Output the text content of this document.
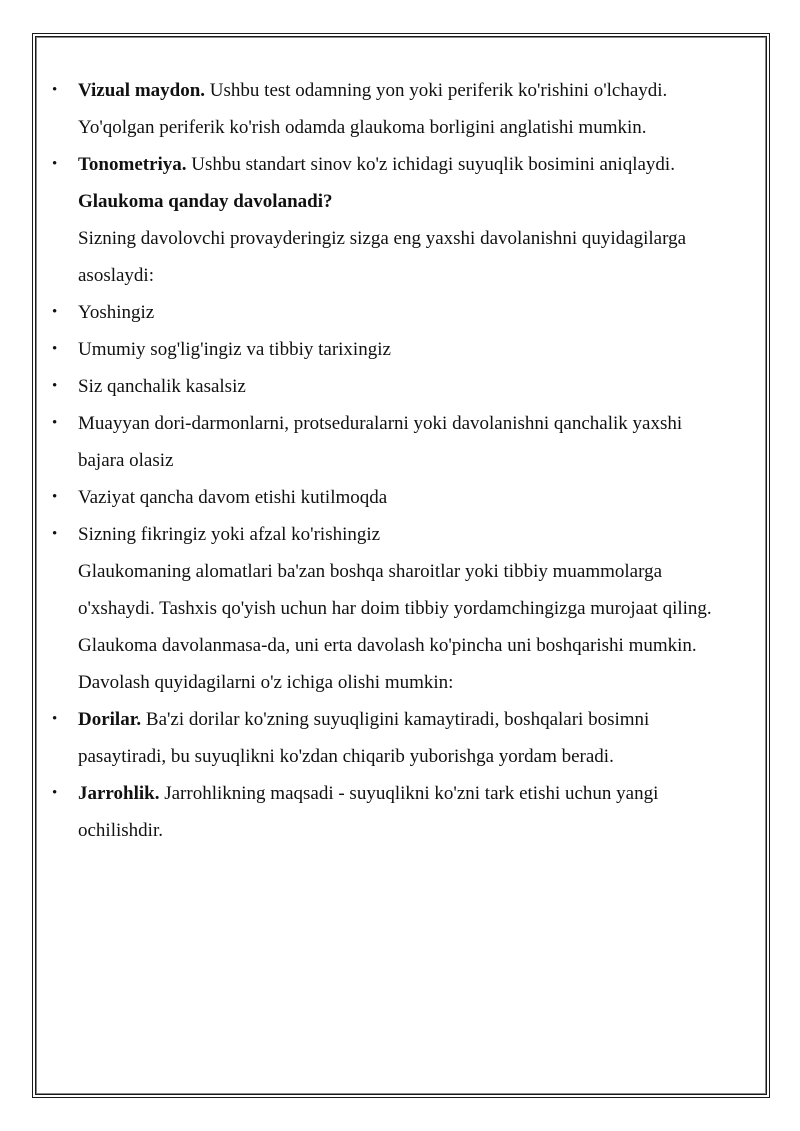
•	Vizual maydon. Ushbu test odamning yon yoki periferik ko'rishini o'lchaydi. Yo'qolgan periferik ko'rish odamda glaukoma borligini anglatishi mumkin.
•	Tonometriya. Ushbu standart sinov ko'z ichidagi suyuqlik bosimini aniqlaydi.
Glaukoma qanday davolanadi?
Sizning davolovchi provayderingiz sizga eng yaxshi davolanishni quyidagilarga asoslaydi:
•	Yoshingiz
•	Umumiy sog'lig'ingiz va tibbiy tarixingiz
•	Siz qanchalik kasalsiz
•	Muayyan dori-darmonlarni, protseduralarni yoki davolanishni qanchalik yaxshi bajara olasiz
•	Vaziyat qancha davom etishi kutilmoqda
•	Sizning fikringiz yoki afzal ko'rishingiz
Glaukomaning alomatlari ba'zan boshqa sharoitlar yoki tibbiy muammolarga o'xshaydi. Tashxis qo'yish uchun har doim tibbiy yordamchingizga murojaat qiling.
Glaukoma davolanmasa-da, uni erta davolash ko'pincha uni boshqarishi mumkin. Davolash quyidagilarni o'z ichiga olishi mumkin:
•	Dorilar. Ba'zi dorilar ko'zning suyuqligini kamaytiradi, boshqalari bosimni pasaytiradi, bu suyuqlikni ko'zdan chiqarib yuborishga yordam beradi.
•	Jarrohlik. Jarrohlikning maqsadi - suyuqlikni ko'zni tark etishi uchun yangi ochilishdir.
